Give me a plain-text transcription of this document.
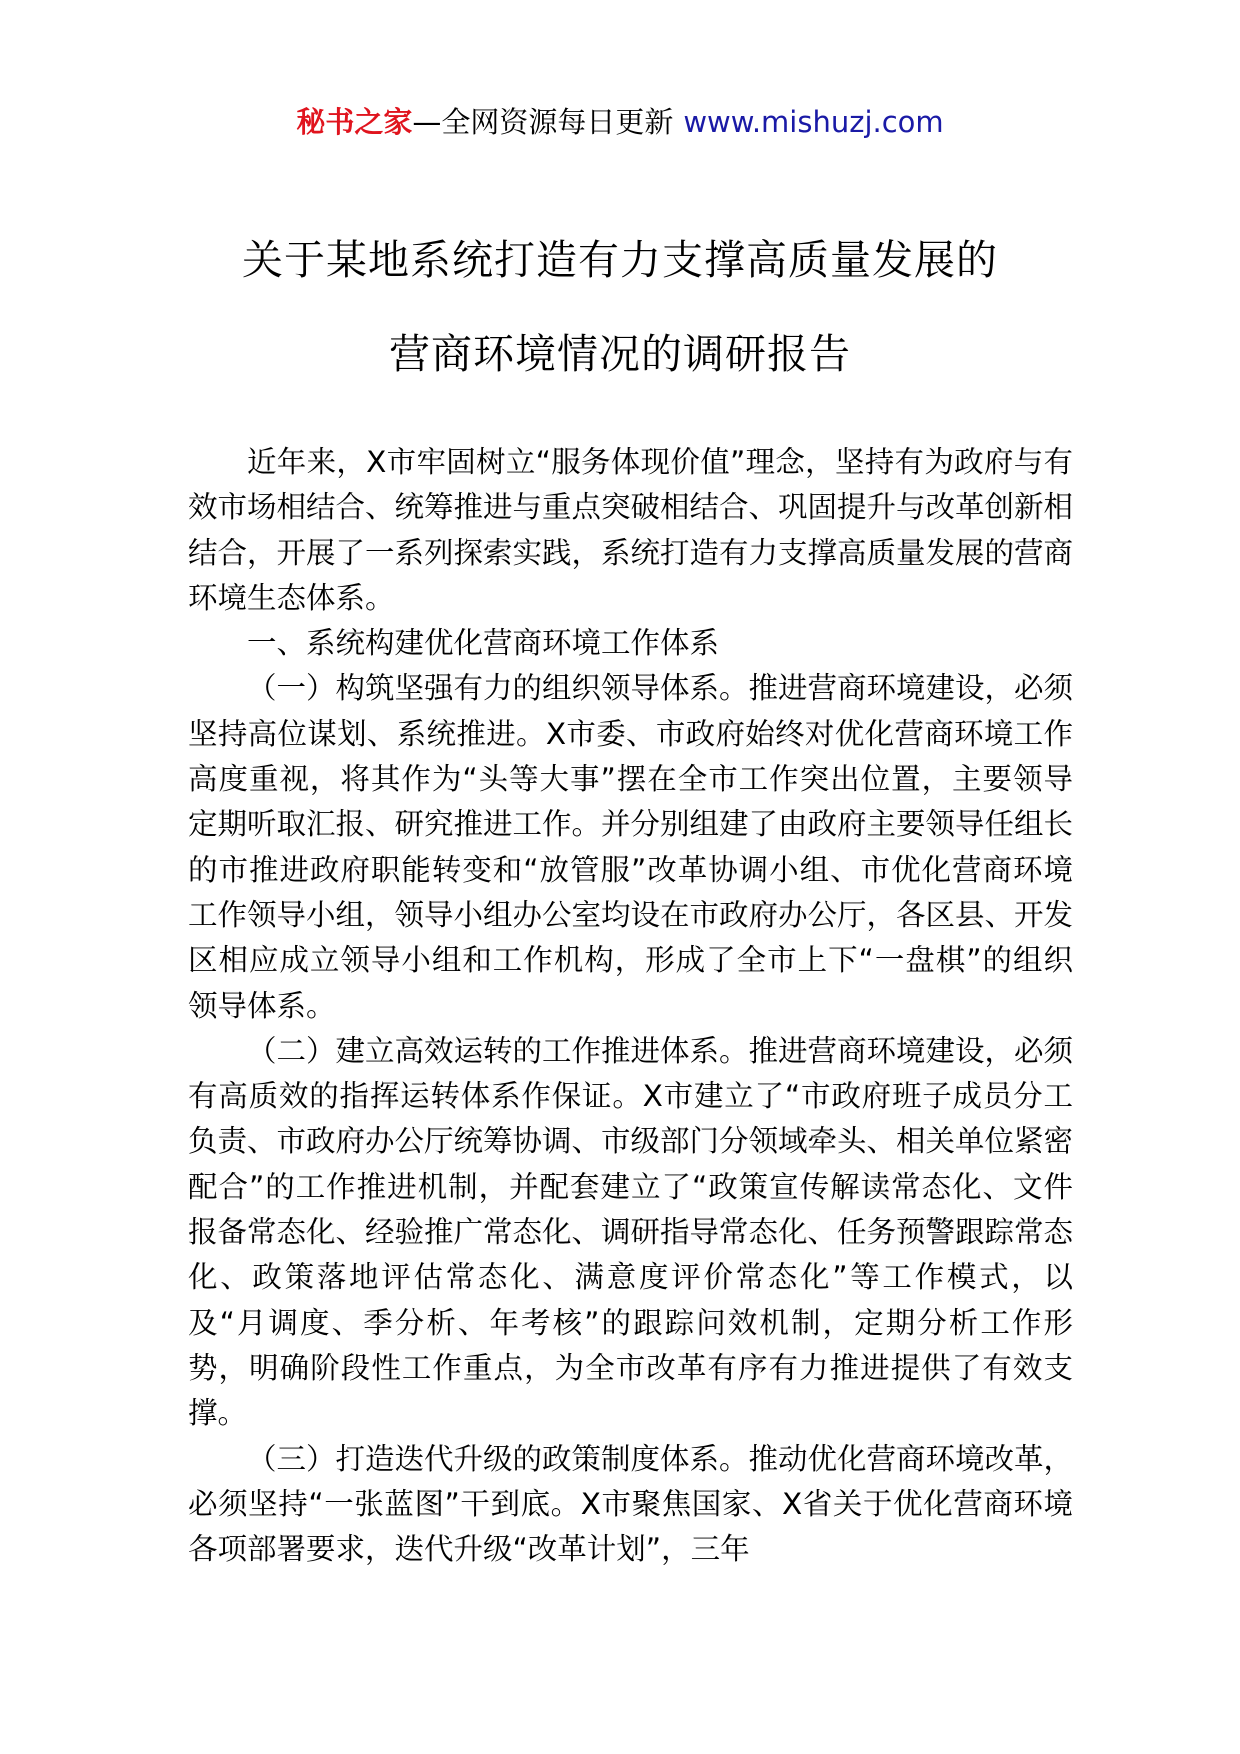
秘书之家—全网资源每日更新 www.mishuzj.com
关于某地系统打造有力支撑高质量发展的
营商环境情况的调研报告

近年来，X市牢固树立“服务体现价值”理念，坚持有为政府与有效市场相结合、统筹推进与重点突破相结合、巩固提升与改革创新相结合，开展了一系列探索实践，系统打造有力支撑高质量发展的营商环境生态体系。

一、系统构建优化营商环境工作体系

（一）构筑坚强有力的组织领导体系。推进营商环境建设，必须坚持高位谋划、系统推进。X市委、市政府始终对优化营商环境工作高度重视，将其作为“头等大事”摆在全市工作突出位置，主要领导定期听取汇报、研究推进工作。并分别组建了由政府主要领导任组长的市推进政府职能转变和“放管服”改革协调小组、市优化营商环境工作领导小组，领导小组办公室均设在市政府办公厅，各区县、开发区相应成立领导小组和工作机构，形成了全市上下“一盘棋”的组织领导体系。

（二）建立高效运转的工作推进体系。推进营商环境建设，必须有高质效的指挥运转体系作保证。X市建立了“市政府班子成员分工负责、市政府办公厅统筹协调、市级部门分领域牵头、相关单位紧密配合”的工作推进机制，并配套建立了“政策宣传解读常态化、文件报备常态化、经验推广常态化、调研指导常态化、任务预警跟踪常态化、政策落地评估常态化、满意度评价常态化”等工作模式，以及“月调度、季分析、年考核”的跟踪问效机制，定期分析工作形势，明确阶段性工作重点，为全市改革有序有力推进提供了有效支撑。

（三）打造迭代升级的政策制度体系。推动优化营商环境改革，必须坚持“一张蓝图”干到底。X市聚焦国家、X省关于优化营商环境各项部署要求，迭代升级“改革计划”，三年
